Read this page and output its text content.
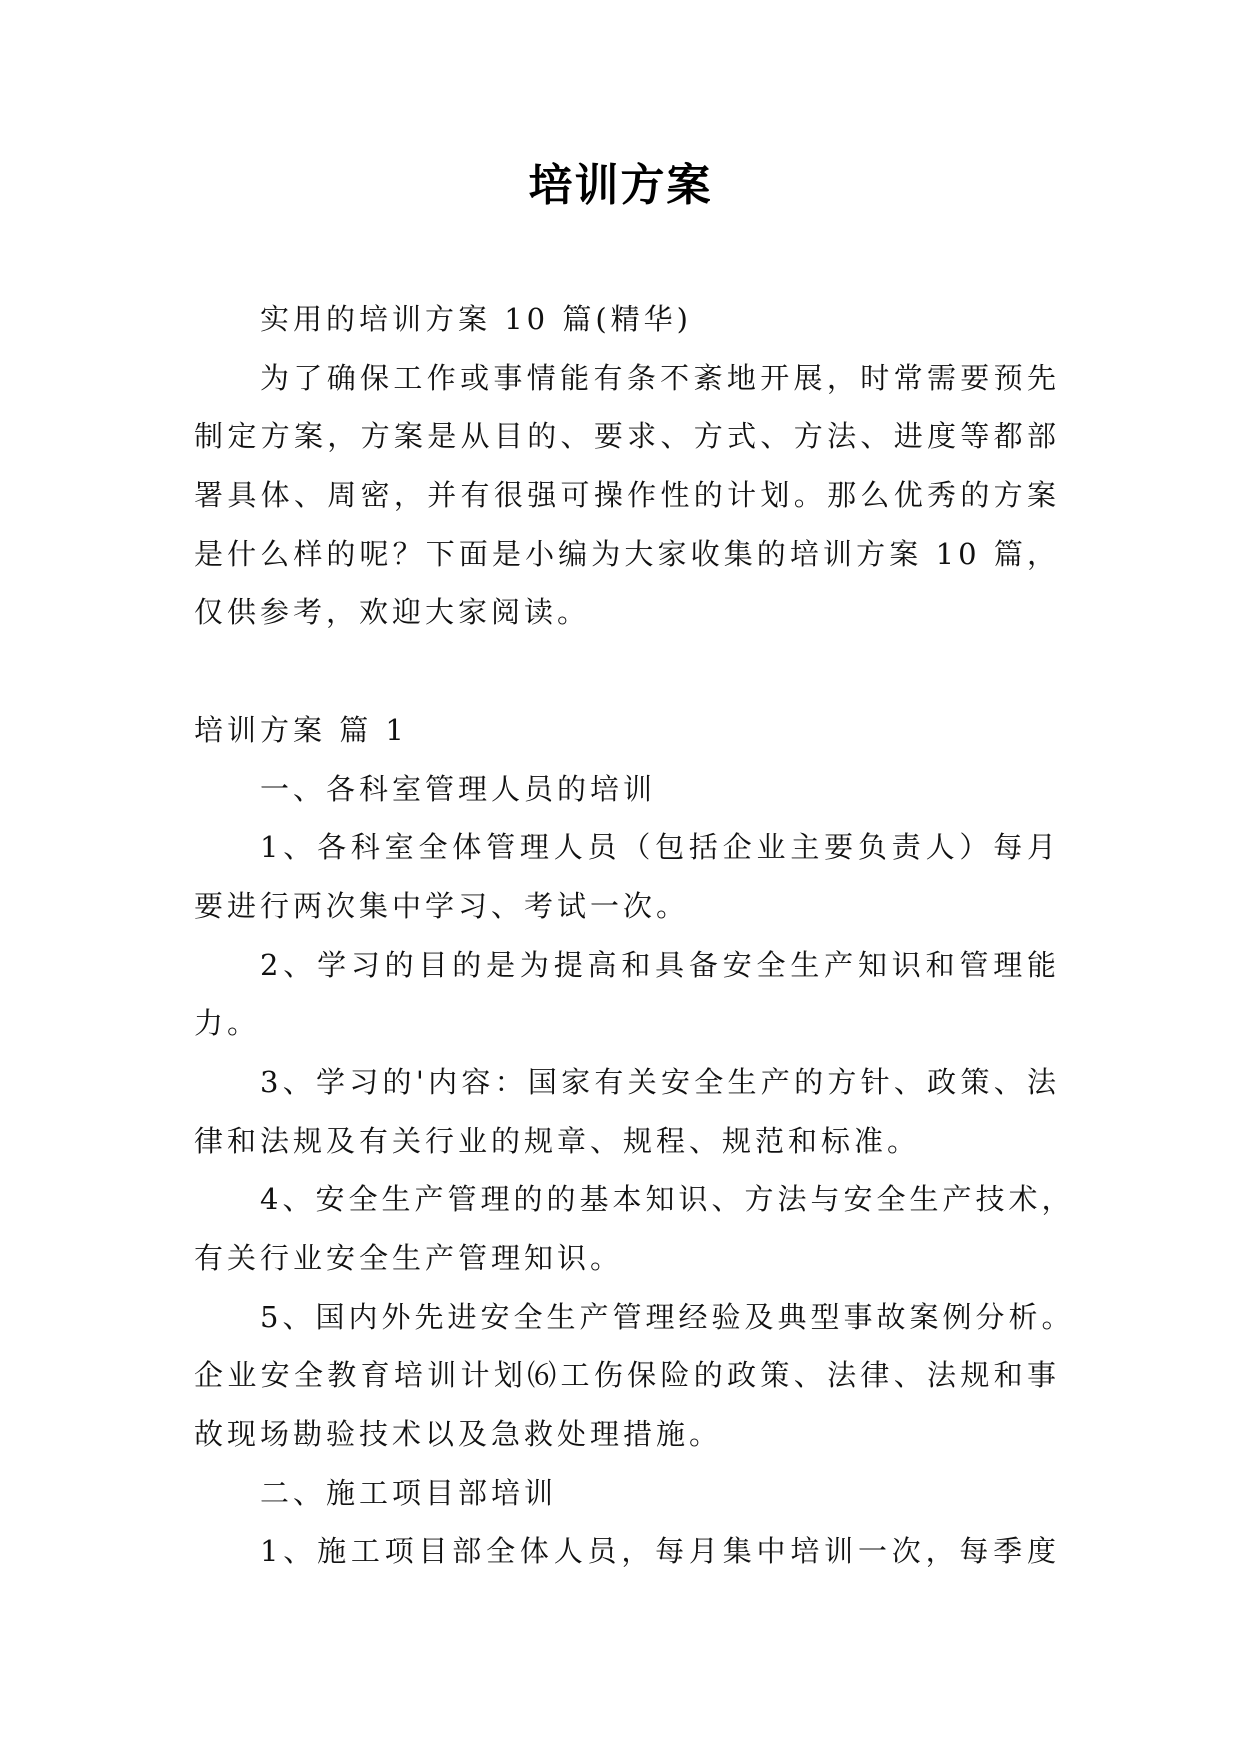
培训方案
实用的培训方案 10 篇(精华)
为了确保工作或事情能有条不紊地开展，时常需要预先
制定方案，方案是从目的、要求、方式、方法、进度等都部
署具体、周密，并有很强可操作性的计划。那么优秀的方案
是什么样的呢？下面是小编为大家收集的培训方案 10 篇，
仅供参考，欢迎大家阅读。
培训方案 篇 1
一、各科室管理人员的培训
1、各科室全体管理人员（包括企业主要负责人）每月
要进行两次集中学习、考试一次。
2、学习的目的是为提高和具备安全生产知识和管理能
力。
3、学习的'内容：国家有关安全生产的方针、政策、法
律和法规及有关行业的规章、规程、规范和标准。
4、安全生产管理的的基本知识、方法与安全生产技术，
有关行业安全生产管理知识。
5、国内外先进安全生产管理经验及典型事故案例分析。
企业安全教育培训计划⑹工伤保险的政策、法律、法规和事
故现场勘验技术以及急救处理措施。
二、施工项目部培训
1、施工项目部全体人员，每月集中培训一次，每季度
